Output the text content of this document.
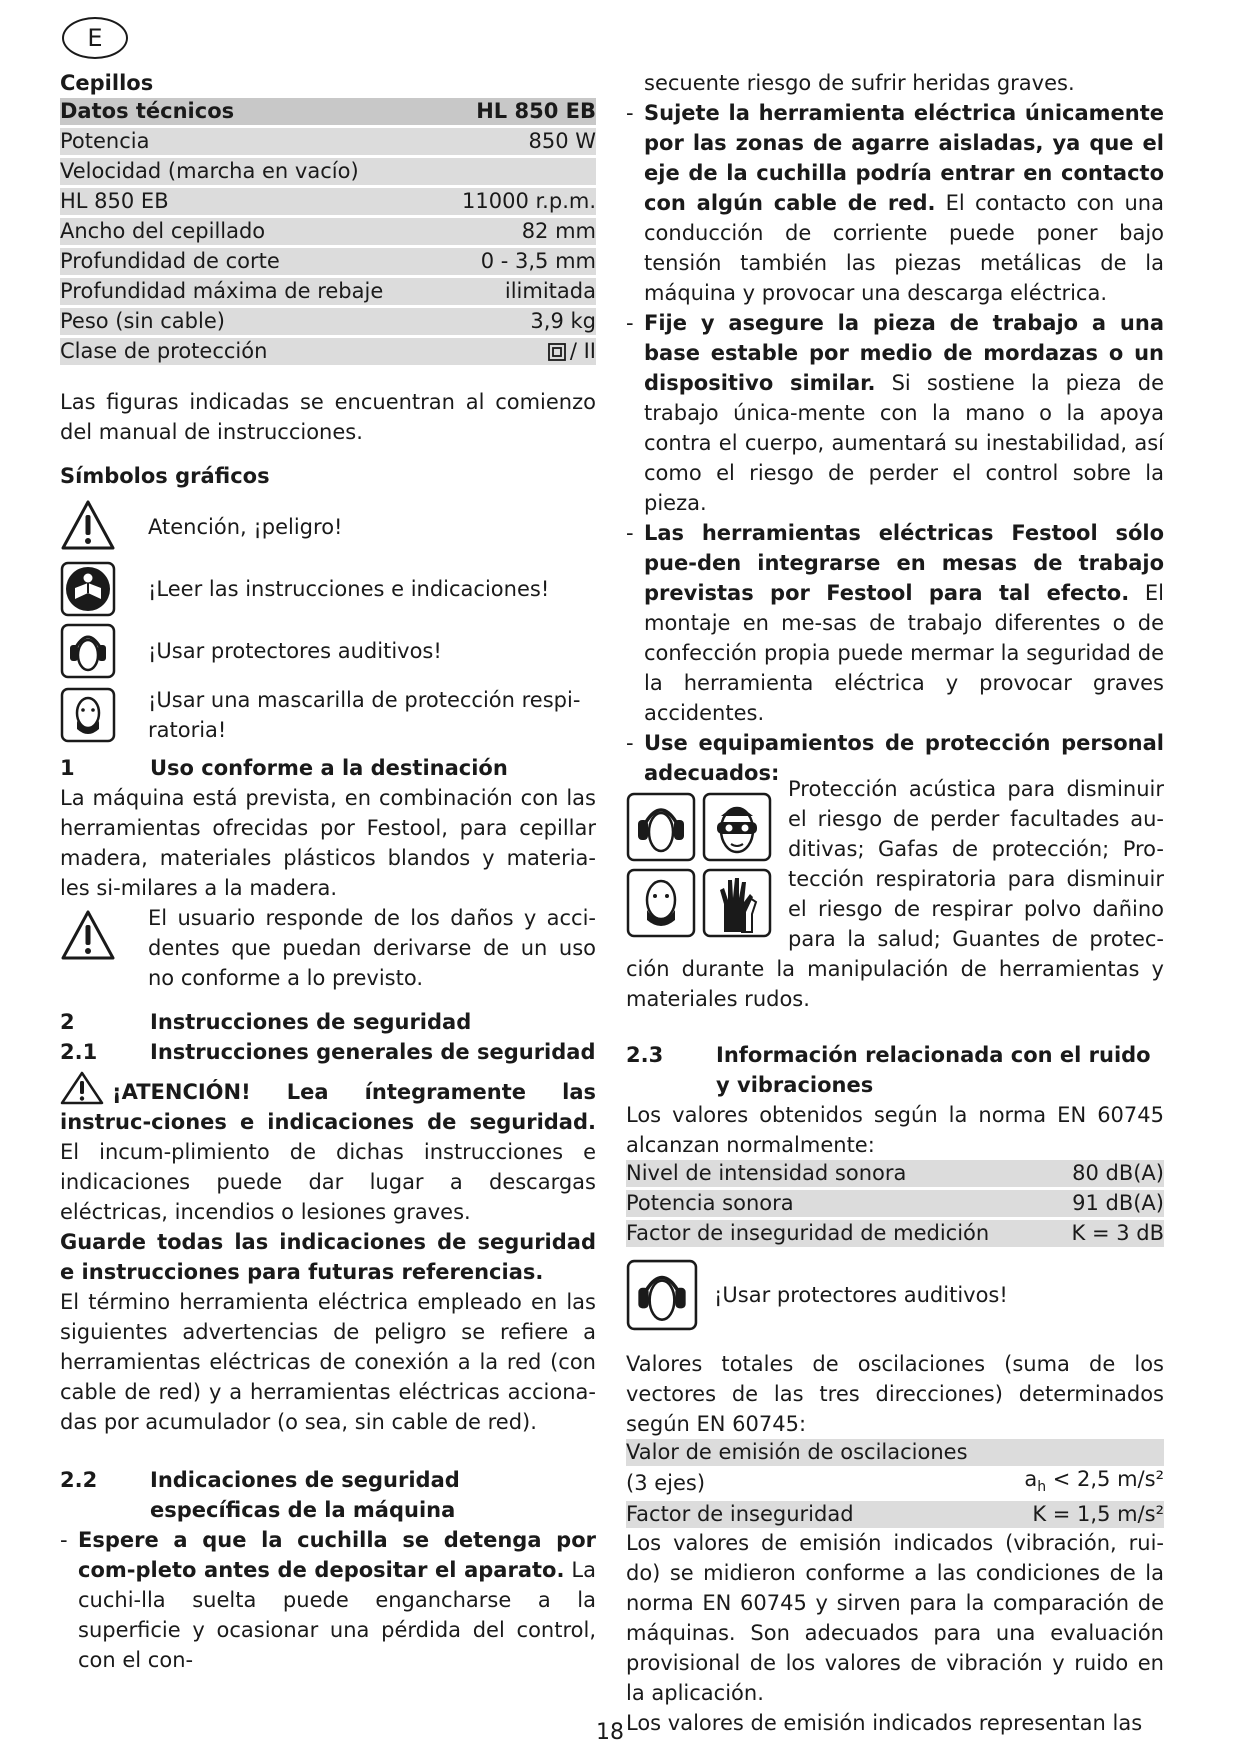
E
Cepillos
Datos técnicos	HL 850 EB

Potencia	850 W

Velocidad (marcha en vacío)	

HL 850 EB	11000 r.p.m.

Ancho del cepillado	82 mm

Profundidad de corte	0 - 3,5 mm

Profundidad máxima de rebaje	ilimitada

Peso (sin cable)	3,9 kg

Clase de protección	/ II

Las figuras indicadas se encuentran al comienzo del manual de instrucciones.

Símbolos gráficos
Atención, ¡peligro!
¡Leer las instrucciones e indicaciones!
¡Usar protectores auditivos!
¡Usar una mascarilla de protección respi-ratoria!
1	Uso conforme a la destinación

La máquina está prevista, en combinación con las herramientas ofrecidas por Festool, para cepillar madera, materiales plásticos blandos y materia-les si-milares a la madera.

El usuario responde de los daños y acci-dentes que puedan derivarse de un uso no conforme a lo previsto.

2	Instrucciones de seguridad
2.1	Instrucciones generales de seguridad

¡ATENCIÓN! Lea íntegramente las instruc-ciones e indicaciones de seguridad. El incum-plimiento de dichas instrucciones e indicaciones puede dar lugar a descargas eléctricas, incendios o lesiones graves.

Guarde todas las indicaciones de seguridad e instrucciones para futuras referencias.

El término herramienta eléctrica empleado en las siguientes advertencias de peligro se refiere a herramientas eléctricas de conexión a la red (con cable de red) y a herramientas eléctricas acciona-das por acumulador (o sea, sin cable de red).

2.2	Indicaciones de seguridad específicas de la máquina
- Espere a que la cuchilla se detenga por com-pleto antes de depositar el aparato. La cuchi-lla suelta puede engancharse a la superficie y ocasionar una pérdida del control, con el con-
secuente riesgo de sufrir heridas graves.
- Sujete la herramienta eléctrica únicamente por las zonas de agarre aisladas, ya que el eje de la cuchilla podría entrar en contacto con algún cable de red. El contacto con una conducción de corriente puede poner bajo tensión también las piezas metálicas de la máquina y provocar una descarga eléctrica.
- Fije y asegure la pieza de trabajo a una base estable por medio de mordazas o un dispositivo similar. Si sostiene la pieza de trabajo única-mente con la mano o la apoya contra el cuerpo, aumentará su inestabilidad, así como el riesgo de perder el control sobre la pieza.
- Las herramientas eléctricas Festool sólo pue-den integrarse en mesas de trabajo previstas por Festool para tal efecto. El montaje en me-sas de trabajo diferentes o de confección propia puede mermar la seguridad de la herramienta eléctrica y provocar graves accidentes.
- Use equipamientos de protección personal adecuados:

Protección acústica para disminuir el riesgo de perder facultades au-ditivas; Gafas de protección; Pro-tección respiratoria para disminuir el riesgo de respirar polvo dañino para la salud; Guantes de protec-ción durante la manipulación de herramientas y materiales rudos.

2.3	Información relacionada con el ruido y vibraciones

Los valores obtenidos según la norma EN 60745 alcanzan normalmente:

Nivel de intensidad sonora	80 dB(A)

Potencia sonora	91 dB(A)

Factor de inseguridad de medición	K = 3 dB
¡Usar protectores auditivos!

Valores totales de oscilaciones (suma de los vectores de las tres direcciones) determinados según EN 60745:

Valor de emisión de oscilaciones	
(3 ejes)	$a_h < 2,5$ m/s²
Factor de inseguridad	K = 1,5 m/s²

Los valores de emisión indicados (vibración, rui-do) se midieron conforme a las condiciones de la norma EN 60745 y sirven para la comparación de máquinas. Son adecuados para una evaluación provisional de los valores de vibración y ruido en la aplicación.

Los valores de emisión indicados representan las

18
